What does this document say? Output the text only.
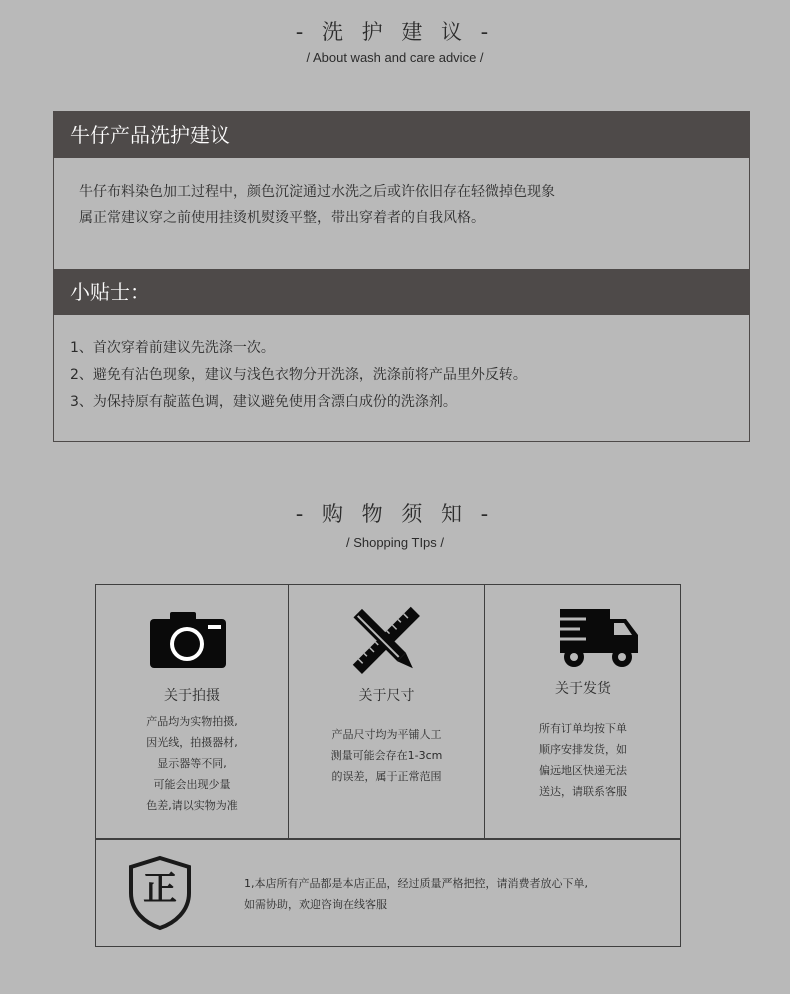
- 洗 护 建 议 -
/ About wash and care advice /
牛仔产品洗护建议
牛仔布料染色加工过程中，颜色沉淀通过水洗之后或许依旧存在轻微掉色现象
属正常建议穿之前使用挂烫机熨烫平整，带出穿着者的自我风格。
小贴士：
1、首次穿着前建议先洗涤一次。
2、避免有沾色现象，建议与浅色衣物分开洗涤，洗涤前将产品里外反转。
3、为保持原有靛蓝色调，建议避免使用含漂白成份的洗涤剂。
- 购 物 须 知 -
/ Shopping TIps /
关于拍摄
产品均为实物拍摄,
因光线，拍摄器材,
显示器等不同,
可能会出现少量
色差,请以实物为准
关于尺寸
产品尺寸均为平铺人工
测量可能会存在1-3cm
的误差，属于正常范围
关于发货
所有订单均按下单
顺序安排发货，如
偏远地区快递无法
送达，请联系客服
正	1,本店所有产品都是本店正品，经过质量严格把控，请消费者放心下单,
如需协助，欢迎咨询在线客服
